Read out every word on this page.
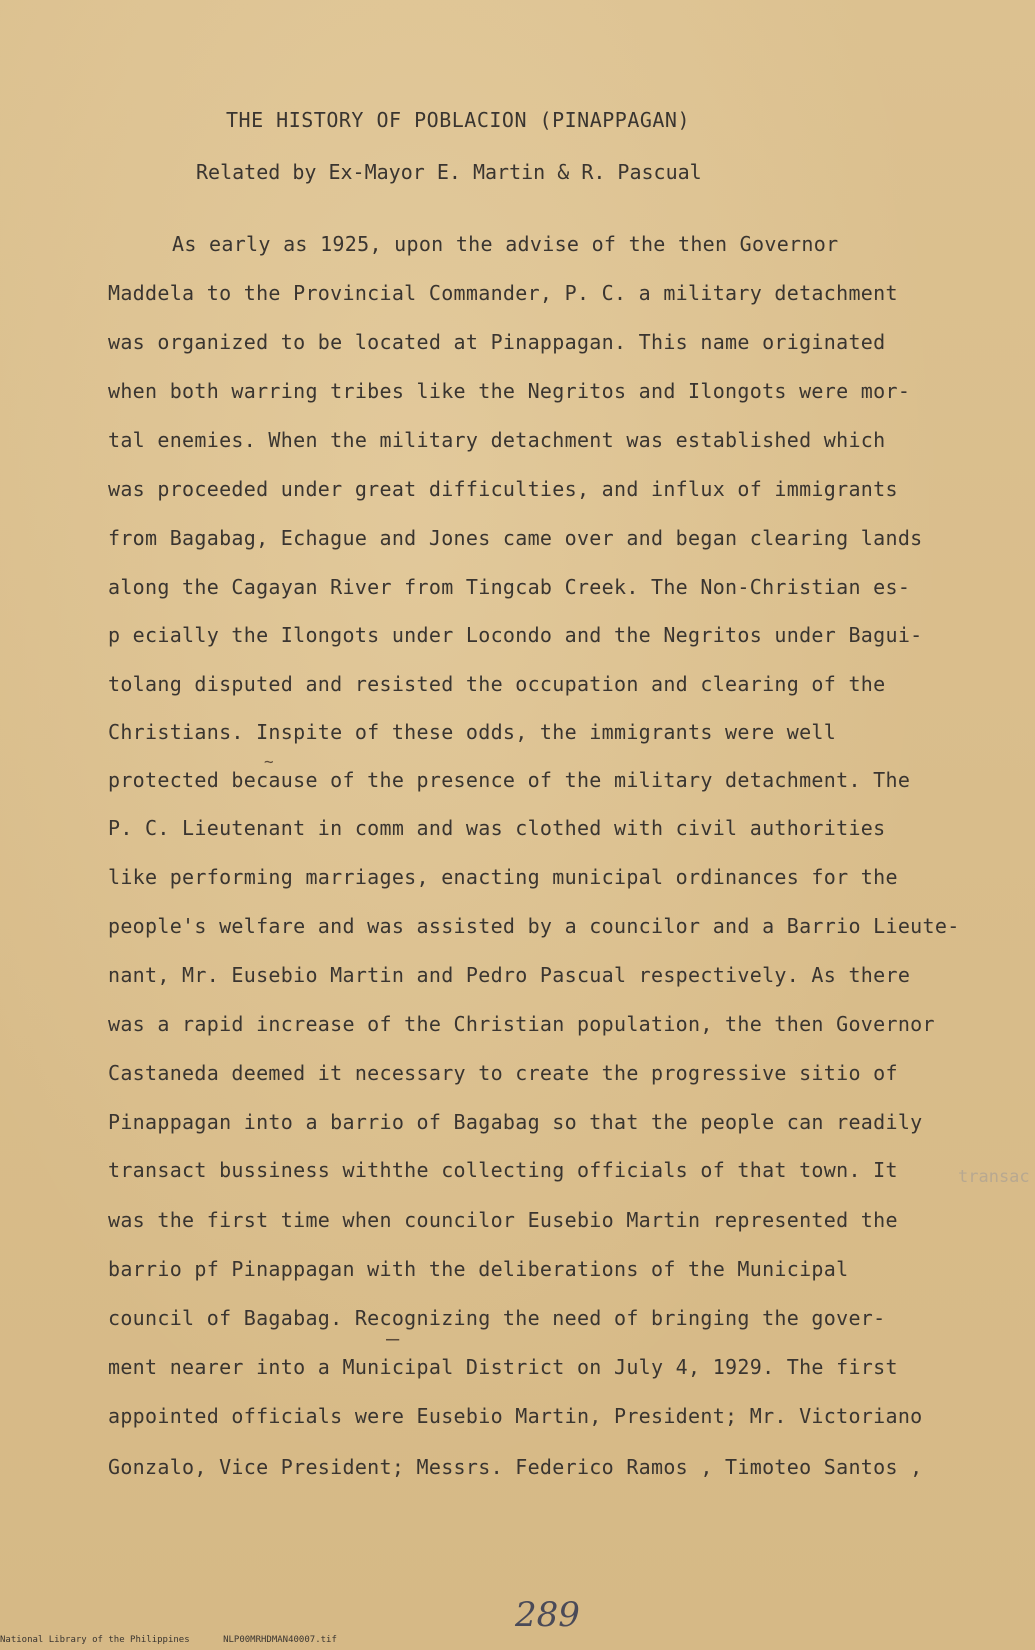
THE HISTORY OF POBLACION (PINAPPAGAN)
Related by Ex-Mayor E. Martin & R. Pascual
As early as 1925, upon the advise of the then Governor
Maddela to the Provincial Commander, P. C. a military detachment
was organized to be located at Pinappagan. This name originated
when both warring tribes like the Negritos and Ilongots were mor-
tal enemies. When the military detachment was established which
was proceeded under great difficulties, and influx of immigrants
from Bagabag, Echague and Jones came over and began clearing lands
along the Cagayan River from Tingcab Creek. The Non-Christian es-
p ecially the Ilongots under Locondo and the Negritos under Bagui-
tolang disputed and resisted the occupation and clearing of the
Christians. Inspite of these odds, the immigrants were well
protected because of the presence of the military detachment. The
P. C. Lieutenant in comm and was clothed with civil authorities
like performing marriages, enacting municipal ordinances for the
people's welfare and was assisted by a councilor and a Barrio Lieute-
nant, Mr. Eusebio Martin and Pedro Pascual respectively. As there
was a rapid increase of the Christian population, the then Governor
Castaneda deemed it necessary to create the progressive sitio of
Pinappagan into a barrio of Bagabag so that the people can readily
transact bussiness withthe collecting officials of that town. It
was the first time when councilor Eusebio Martin represented the
barrio pf Pinappagan with the deliberations of the Municipal
council of Bagabag. Recognizing the need of bringing the gover-
ment nearer into a Municipal District on July 4, 1929. The first
appointed officials were Eusebio Martin, President; Mr. Victoriano
Gonzalo, Vice President; Messrs. Federico Ramos , Timoteo Santos ,
transac
∼
—
289
National Library of the Philippines	NLP00MRHDMAN40007.tif
